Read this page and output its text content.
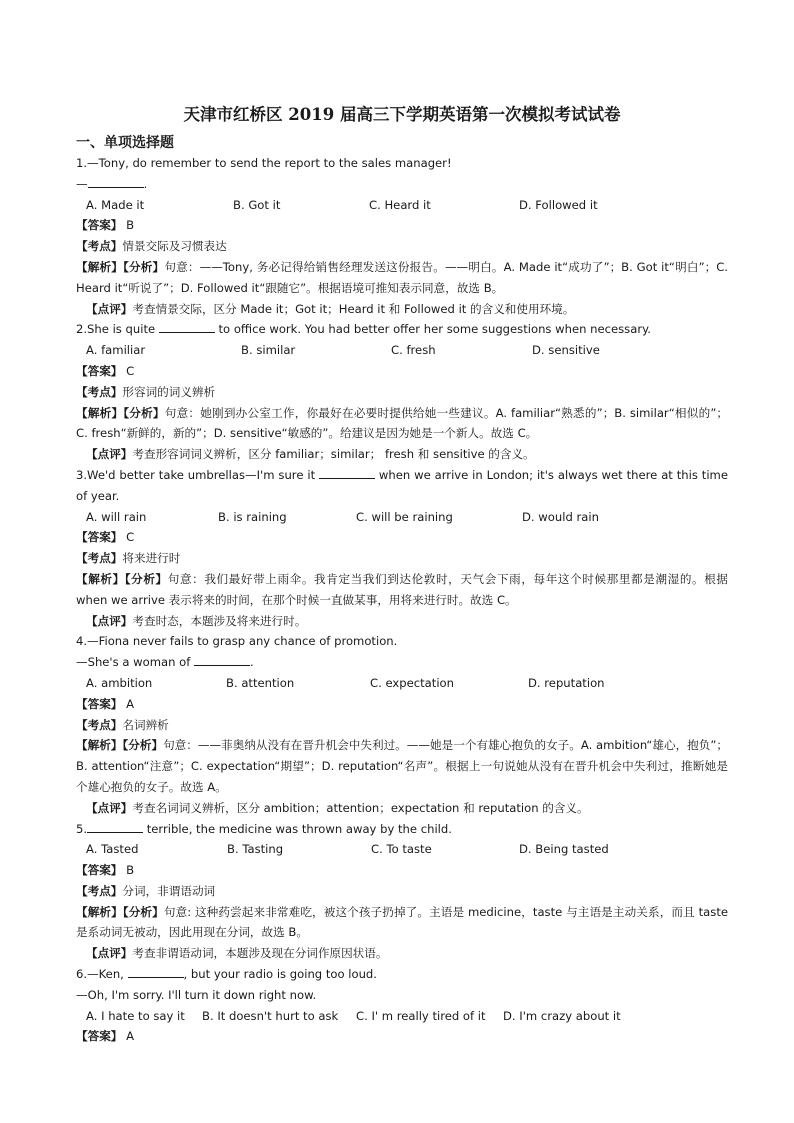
天津市红桥区 2019 届高三下学期英语第一次模拟考试试卷

一、单项选择题

1.—Tony, do remember to send the report to the sales manager!

—	.

A. Made it	B. Got it	C. Heard it	D. Followed it

【答案】 B

【考点】情景交际及习惯表达

【解析】【分析】句意：——Tony, 务必记得给销售经理发送这份报告。——明白。A. Made it“成功了”；B. Got it“明白”；C. Heard it“听说了”；D. Followed it“跟随它”。根据语境可推知表示同意，故选 B。

【点评】考查情景交际，区分 Made it；Got it；Heard it 和 Followed it 的含义和使用环境。

2.She is quite	to office work. You had better offer her some suggestions when necessary.

A. familiar	B. similar	C. fresh	D. sensitive

【答案】 C

【考点】形容词的词义辨析

【解析】【分析】句意：她刚到办公室工作，你最好在必要时提供给她一些建议。A. familiar“熟悉的”；B. similar“相似的”；C. fresh“新鲜的，新的”；D. sensitive“敏感的”。给建议是因为她是一个新人。故选 C。

【点评】考查形容词词义辨析，区分 familiar；similar； fresh 和 sensitive 的含义。

3.We'd better take umbrellas—I'm sure it	when we arrive in London; it's always wet there at this time of year.

A. will rain	B. is raining	C. will be raining	D. would rain

【答案】 C

【考点】将来进行时

【解析】【分析】句意：我们最好带上雨伞。我肯定当我们到达伦敦时，天气会下雨，每年这个时候那里都是潮湿的。根据 when we arrive 表示将来的时间，在那个时候一直做某事，用将来进行时。故选 C。

【点评】考查时态，本题涉及将来进行时。

4.—Fiona never fails to grasp any chance of promotion.

—She's a woman of	.

A. ambition	B. attention	C. expectation	D. reputation

【答案】 A

【考点】名词辨析

【解析】【分析】句意：——菲奥纳从没有在晋升机会中失利过。——她是一个有雄心抱负的女子。A. ambition“雄心，抱负”；B. attention“注意”；C. expectation“期望”；D. reputation“名声”。根据上一句说她从没有在晋升机会中失利过，推断她是个雄心抱负的女子。故选 A。

【点评】考查名词词义辨析，区分 ambition；attention；expectation 和 reputation 的含义。

5.	terrible, the medicine was thrown away by the child.

A. Tasted	B. Tasting	C. To taste	D. Being tasted

【答案】 B

【考点】分词，非谓语动词

【解析】【分析】句意: 这种药尝起来非常难吃，被这个孩子扔掉了。主语是 medicine，taste 与主语是主动关系，而且 taste 是系动词无被动，因此用现在分词，故选 B。

【点评】考查非谓语动词，本题涉及现在分词作原因状语。

6.—Ken,	, but your radio is going too loud.

—Oh, I'm sorry. I'll turn it down right now.

A. I hate to say it	B. It doesn't hurt to ask	C. I' m really tired of it	D. I'm crazy about it

【答案】 A
